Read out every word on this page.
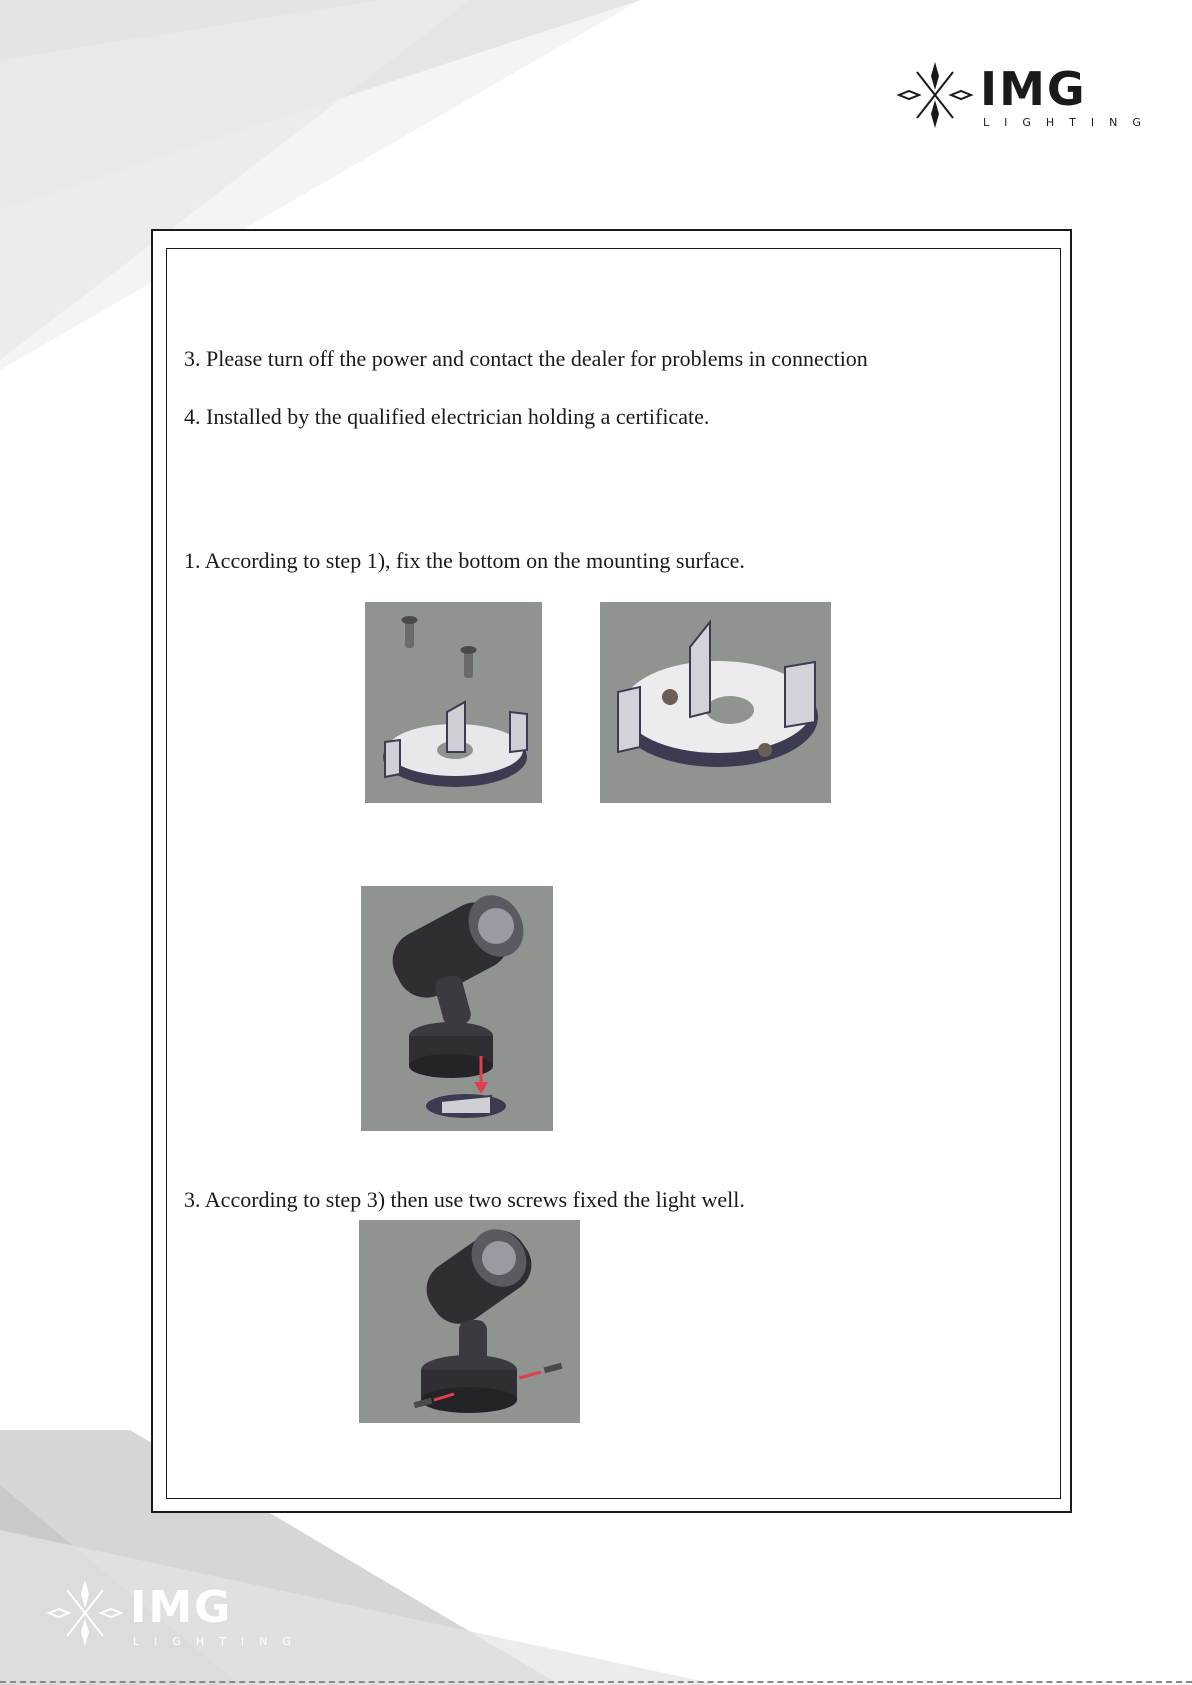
IMG
LIGHTING
3. Please turn off the power and contact the dealer for problems in connection
4. Installed by the qualified electrician holding a certificate.
1. According to step 1), fix the bottom on the mounting surface.
3. According to step 3) then use two screws fixed the light well.
IMG
LIGHTING
